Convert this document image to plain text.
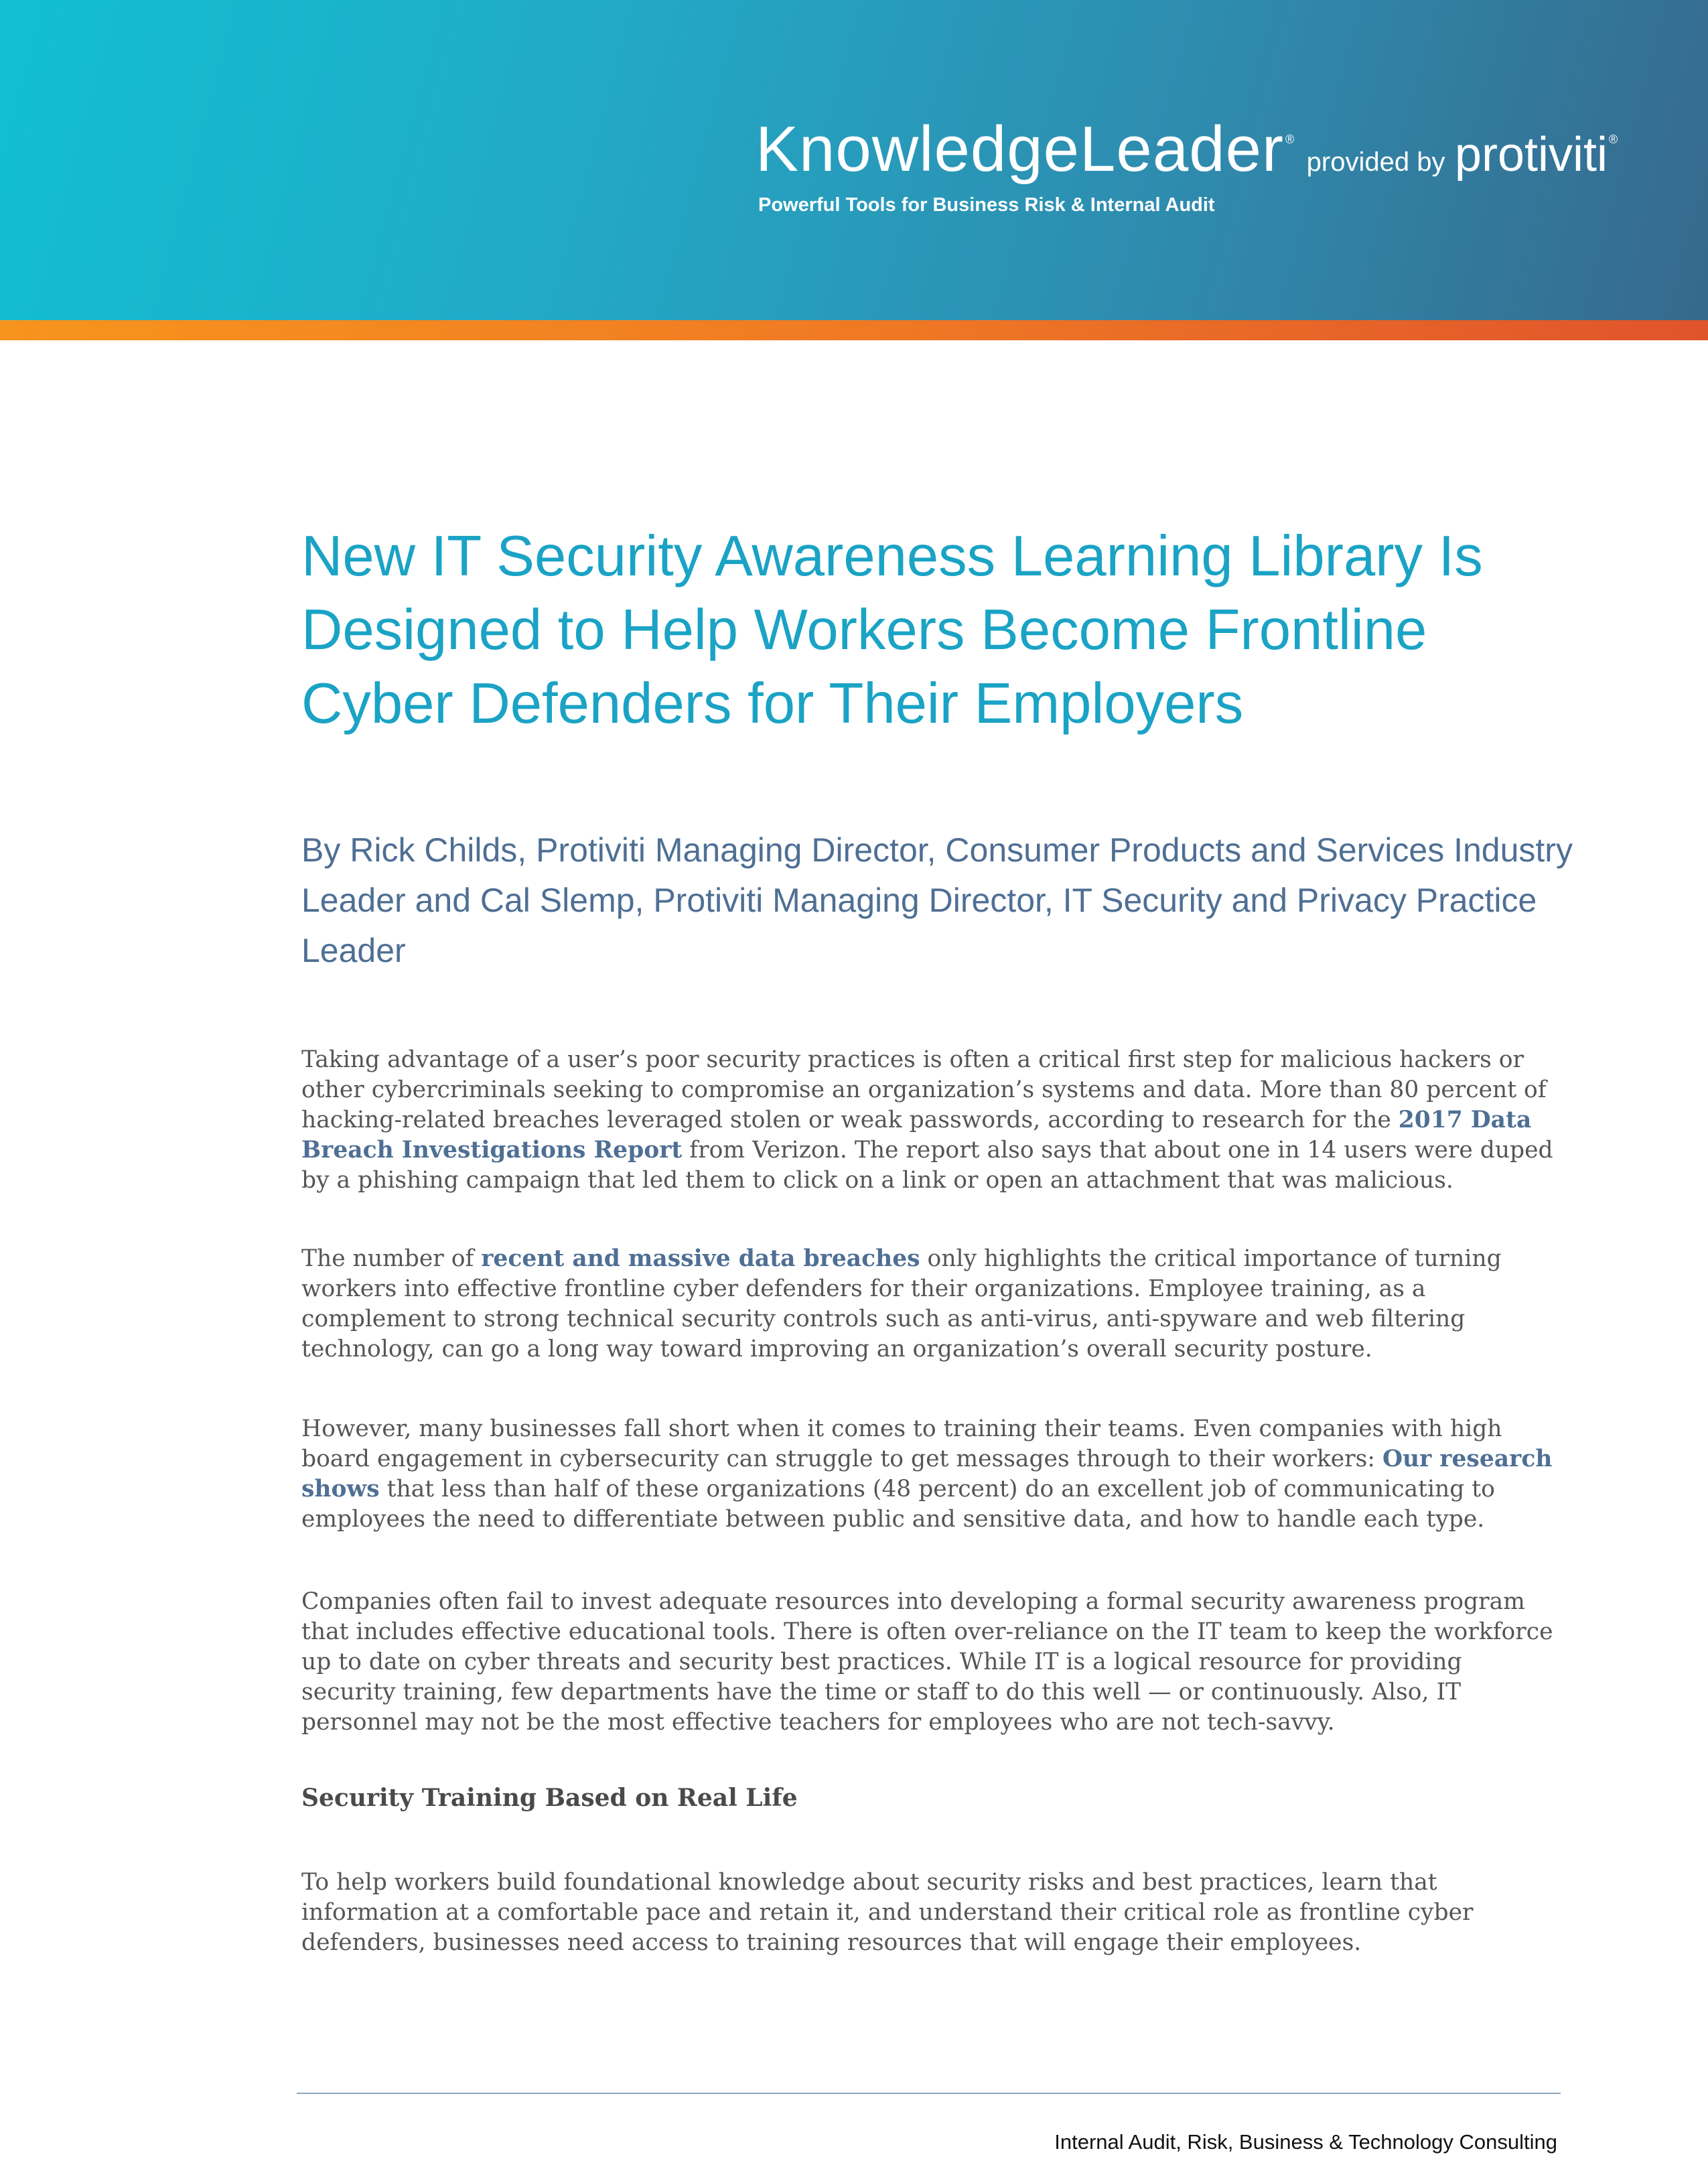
KnowledgeLeader ® provided by protiviti ®
Powerful Tools for Business Risk & Internal Audit
New IT Security Awareness Learning Library Is Designed to Help Workers Become Frontline Cyber Defenders for Their Employers

By Rick Childs, Protiviti Managing Director, Consumer Products and Services Industry Leader and Cal Slemp, Protiviti Managing Director, IT Security and Privacy Practice Leader

Taking advantage of a user’s poor security practices is often a critical first step for malicious hackers or other cybercriminals seeking to compromise an organization’s systems and data. More than 80 percent of hacking-related breaches leveraged stolen or weak passwords, according to research for the 2017 Data Breach Investigations Report from Verizon. The report also says that about one in 14 users were duped by a phishing campaign that led them to click on a link or open an attachment that was malicious.

The number of recent and massive data breaches only highlights the critical importance of turning workers into effective frontline cyber defenders for their organizations. Employee training, as a complement to strong technical security controls such as anti-virus, anti-spyware and web filtering technology, can go a long way toward improving an organization’s overall security posture.

However, many businesses fall short when it comes to training their teams. Even companies with high board engagement in cybersecurity can struggle to get messages through to their workers: Our research shows that less than half of these organizations (48 percent) do an excellent job of communicating to employees the need to differentiate between public and sensitive data, and how to handle each type.

Companies often fail to invest adequate resources into developing a formal security awareness program that includes effective educational tools. There is often over-reliance on the IT team to keep the workforce up to date on cyber threats and security best practices. While IT is a logical resource for providing security training, few departments have the time or staff to do this well — or continuously. Also, IT personnel may not be the most effective teachers for employees who are not tech-savvy.

Security Training Based on Real Life

To help workers build foundational knowledge about security risks and best practices, learn that information at a comfortable pace and retain it, and understand their critical role as frontline cyber defenders, businesses need access to training resources that will engage their employees.

Internal Audit, Risk, Business & Technology Consulting
